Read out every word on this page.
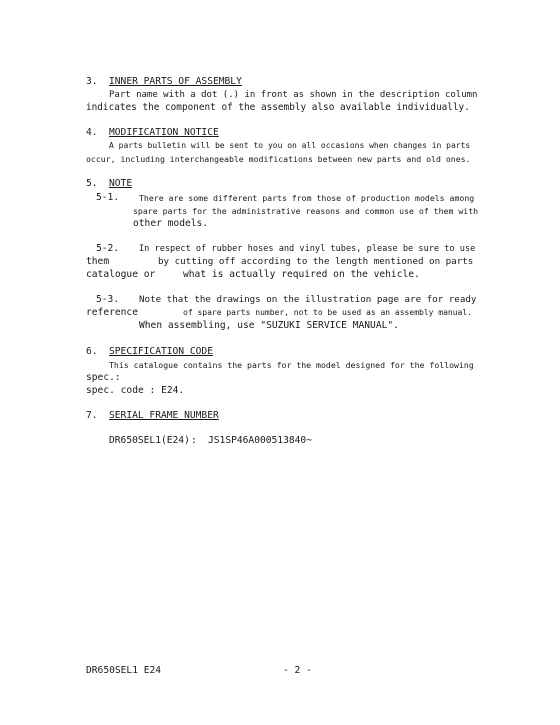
3. INNER PARTS OF ASSEMBLY
Part name with a dot (.) in front as shown in the description column
indicates the component of the assembly also available individually.
4. MODIFICATION NOTICE
A parts bulletin will be sent to you on all occasions when changes in parts
occur, including interchangeable modifications between new parts and old ones.
5. NOTE
5-1. There are some different parts from those of production models among
spare parts for the administrative reasons and common use of them with
other models.
5-2. In respect of rubber hoses and vinyl tubes, please be sure to use
them	by cutting off according to the length mentioned on parts
catalogue or	what is actually required on the vehicle.
5-3. Note that the drawings on the illustration page are for ready
reference	of spare parts number, not to be used as an assembly manual.
When assembling, use "SUZUKI SERVICE MANUAL".
6. SPECIFICATION CODE
This catalogue contains the parts for the model designed for the following
spec.:
spec. code : E24.
7. SERIAL FRAME NUMBER
DR650SEL1(E24) : JS1SP46A000513840~
DR650SEL1 E24	- 2 -
